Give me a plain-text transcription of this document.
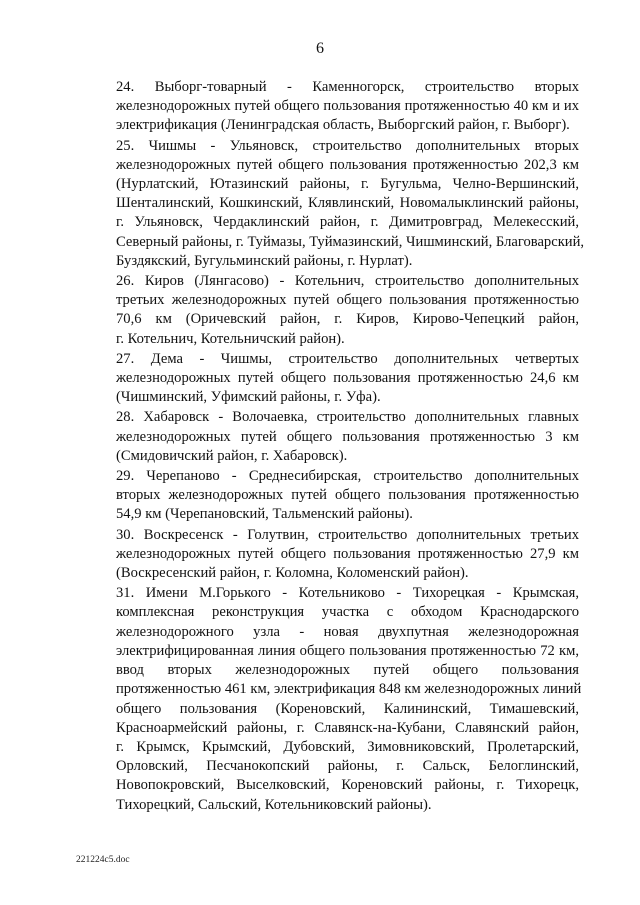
6
24. Выборг-товарный - Каменногорск, строительство вторых
железнодорожных путей общего пользования протяженностью 40 км и их
электрификация (Ленинградская область, Выборгский район, г. Выборг).
25. Чишмы - Ульяновск, строительство дополнительных вторых
железнодорожных путей общего пользования протяженностью 202,3 км
(Нурлатский, Ютазинский районы, г. Бугульма, Челно-Вершинский,
Шенталинский, Кошкинский, Клявлинский, Новомалыклинский районы,
г. Ульяновск, Чердаклинский район, г. Димитровград, Мелекесский,
Северный районы, г. Туймазы, Туймазинский, Чишминский, Благоварский,
Буздякский, Бугульминский районы, г. Нурлат).
26. Киров (Лянгасово) - Котельнич, строительство дополнительных
третьих железнодорожных путей общего пользования протяженностью
70,6 км (Оричевский район, г. Киров, Кирово-Чепецкий район,
г. Котельнич, Котельничский район).
27. Дема - Чишмы, строительство дополнительных четвертых
железнодорожных путей общего пользования протяженностью 24,6 км
(Чишминский, Уфимский районы, г. Уфа).
28. Хабаровск - Волочаевка, строительство дополнительных главных
железнодорожных путей общего пользования протяженностью 3 км
(Смидовичский район, г. Хабаровск).
29. Черепаново - Среднесибирская, строительство дополнительных
вторых железнодорожных путей общего пользования протяженностью
54,9 км (Черепановский, Тальменский районы).
30. Воскресенск - Голутвин, строительство дополнительных третьих
железнодорожных путей общего пользования протяженностью 27,9 км
(Воскресенский район, г. Коломна, Коломенский район).
31. Имени М.Горького - Котельниково - Тихорецкая - Крымская,
комплексная реконструкция участка с обходом Краснодарского
железнодорожного узла - новая двухпутная железнодорожная
электрифицированная линия общего пользования протяженностью 72 км,
ввод вторых железнодорожных путей общего пользования
протяженностью 461 км, электрификация 848 км железнодорожных линий
общего пользования (Кореновский, Калининский, Тимашевский,
Красноармейский районы, г. Славянск-на-Кубани, Славянский район,
г. Крымск, Крымский, Дубовский, Зимовниковский, Пролетарский,
Орловский, Песчанокопский районы, г. Сальск, Белоглинский,
Новопокровский, Выселковский, Кореновский районы, г. Тихорецк,
Тихорецкий, Сальский, Котельниковский районы).
221224c5.doc
